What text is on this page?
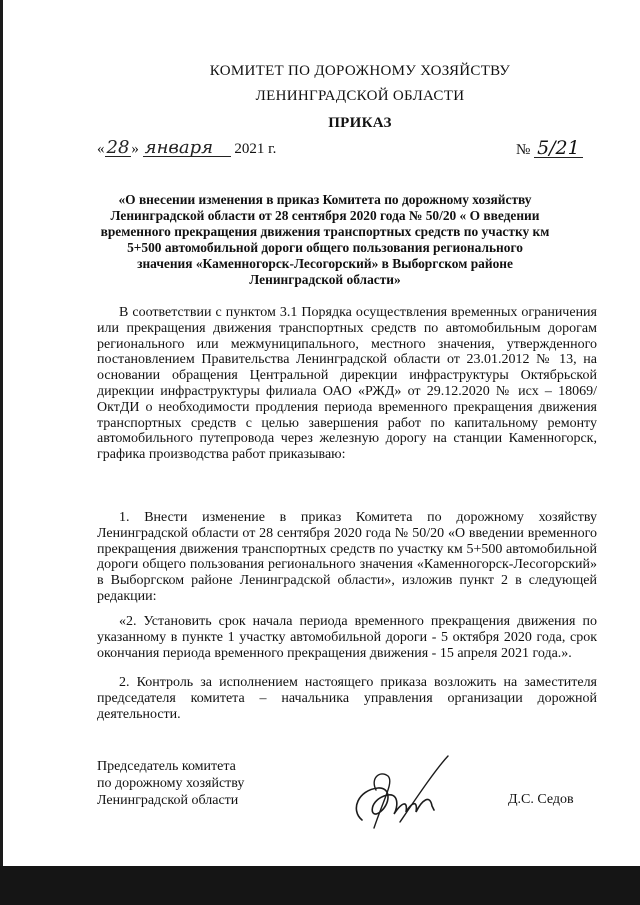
КОМИТЕТ ПО ДОРОЖНОМУ ХОЗЯЙСТВУ
ЛЕНИНГРАДСКОЙ ОБЛАСТИ
ПРИКАЗ
« 28 » января 2021 г.	№ 5/21
«О внесении изменения в приказ Комитета по дорожному хозяйству Ленинградской области от 28 сентября 2020 года № 50/20 « О введении временного прекращения движения транспортных средств по участку км 5+500 автомобильной дороги общего пользования регионального значения «Каменногорск-Лесогорский» в Выборгском районе Ленинградской области»
В соответствии с пунктом 3.1 Порядка осуществления временных ограничения или прекращения движения транспортных средств по автомобильным дорогам регионального или межмуниципального, местного значения, утвержденного постановлением Правительства Ленинградской области от 23.01.2012 № 13, на основании обращения Центральной дирекции инфраструктуры Октябрьской дирекции инфраструктуры филиала ОАО «РЖД» от 29.12.2020 № исх – 18069/ОктДИ о необходимости продления периода временного прекращения движения транспортных средств с целью завершения работ по капитальному ремонту автомобильного путепровода через железную дорогу на станции Каменногорск, графика производства работ приказываю:
1. Внести изменение в приказ Комитета по дорожному хозяйству Ленинградской области от 28 сентября 2020 года № 50/20 «О введении временного прекращения движения транспортных средств по участку км 5+500 автомобильной дороги общего пользования регионального значения «Каменногорск-Лесогорский» в Выборгском районе Ленинградской области», изложив пункт 2 в следующей редакции:
«2. Установить срок начала периода временного прекращения движения по указанному в пункте 1 участку автомобильной дороги - 5 октября 2020 года, срок окончания периода временного прекращения движения - 15 апреля 2021 года.».
2. Контроль за исполнением настоящего приказа возложить на заместителя председателя комитета – начальника управления организации дорожной деятельности.
Председатель комитета
по дорожному хозяйству
Ленинградской области	Д.С. Седов
